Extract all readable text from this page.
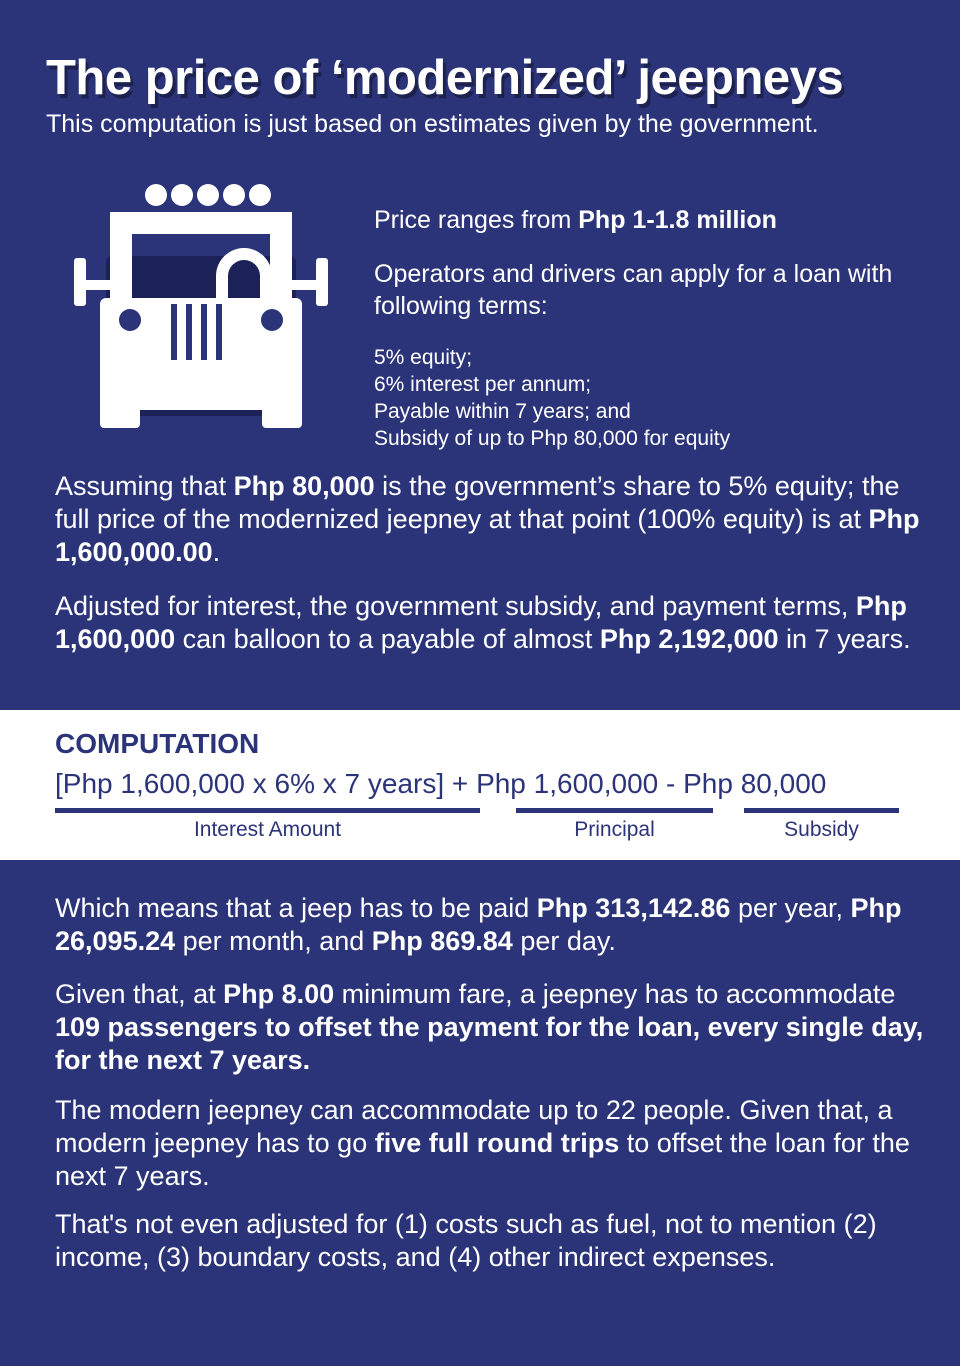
The price of ‘modernized’ jeepneys

This computation is just based on estimates given by the government.

Price ranges from Php 1-1.8 million

Operators and drivers can apply for a loan with following terms:

5% equity;
6% interest per annum;
Payable within 7 years; and
Subsidy of up to Php 80,000 for equity

Assuming that Php 80,000 is the government’s share to 5% equity; the full price of the modernized jeepney at that point (100% equity) is at Php 1,600,000.00.

Adjusted for interest, the government subsidy, and payment terms, Php 1,600,000 can balloon to a payable of almost Php 2,192,000 in 7 years.

COMPUTATION
[Php 1,600,000 x 6% x 7 years] + Php 1,600,000 - Php 80,000
Interest Amount	Principal	Subsidy

Which means that a jeep has to be paid Php 313,142.86 per year, Php 26,095.24 per month, and Php 869.84 per day.

Given that, at Php 8.00 minimum fare, a jeepney has to accommodate 109 passengers to offset the payment for the loan, every single day, for the next 7 years.

The modern jeepney can accommodate up to 22 people. Given that, a modern jeepney has to go five full round trips to offset the loan for the next 7 years.

That's not even adjusted for (1) costs such as fuel, not to mention (2) income, (3) boundary costs, and (4) other indirect expenses.
